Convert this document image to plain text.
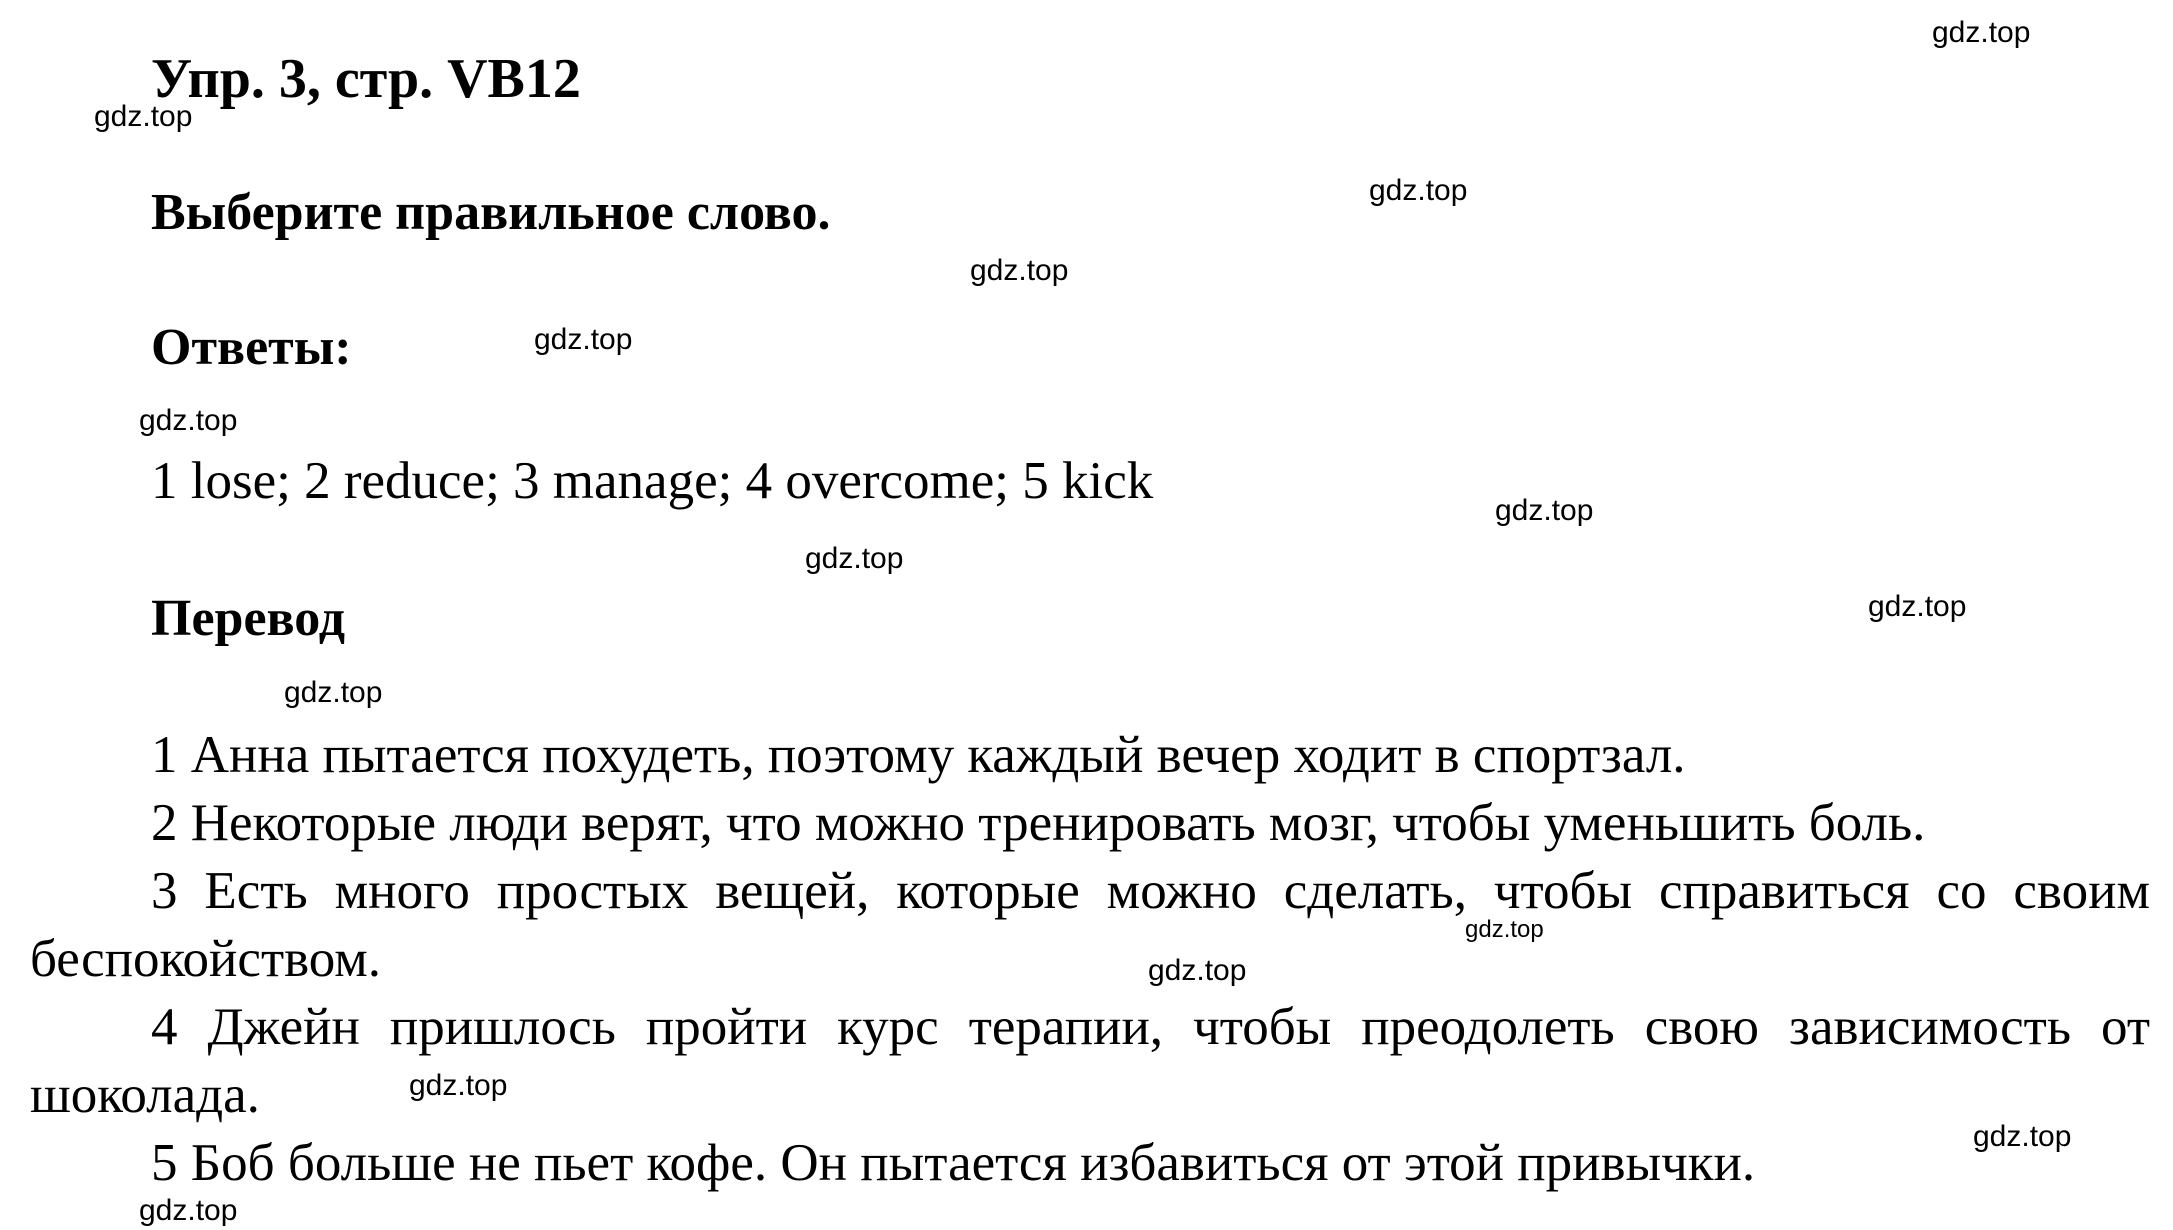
Упр. 3, стр. VB12
Выберите правильное слово.
Ответы:
1 lose; 2 reduce; 3 manage; 4 overcome; 5 kick
Перевод

1 Анна пытается похудеть, поэтому каждый вечер ходит в спортзал.

2 Некоторые люди верят, что можно тренировать мозг, чтобы уменьшить боль.

3 Есть много простых вещей, которые можно сделать, чтобы справиться со своим беспокойством.

4 Джейн пришлось пройти курс терапии, чтобы преодолеть свою зависимость от шоколада.

5 Боб больше не пьет кофе. Он пытается избавиться от этой привычки.

gdz.top
gdz.top
gdz.top
gdz.top
gdz.top
gdz.top
gdz.top
gdz.top
gdz.top
gdz.top
gdz.top
gdz.top
gdz.top
gdz.top
gdz.top
